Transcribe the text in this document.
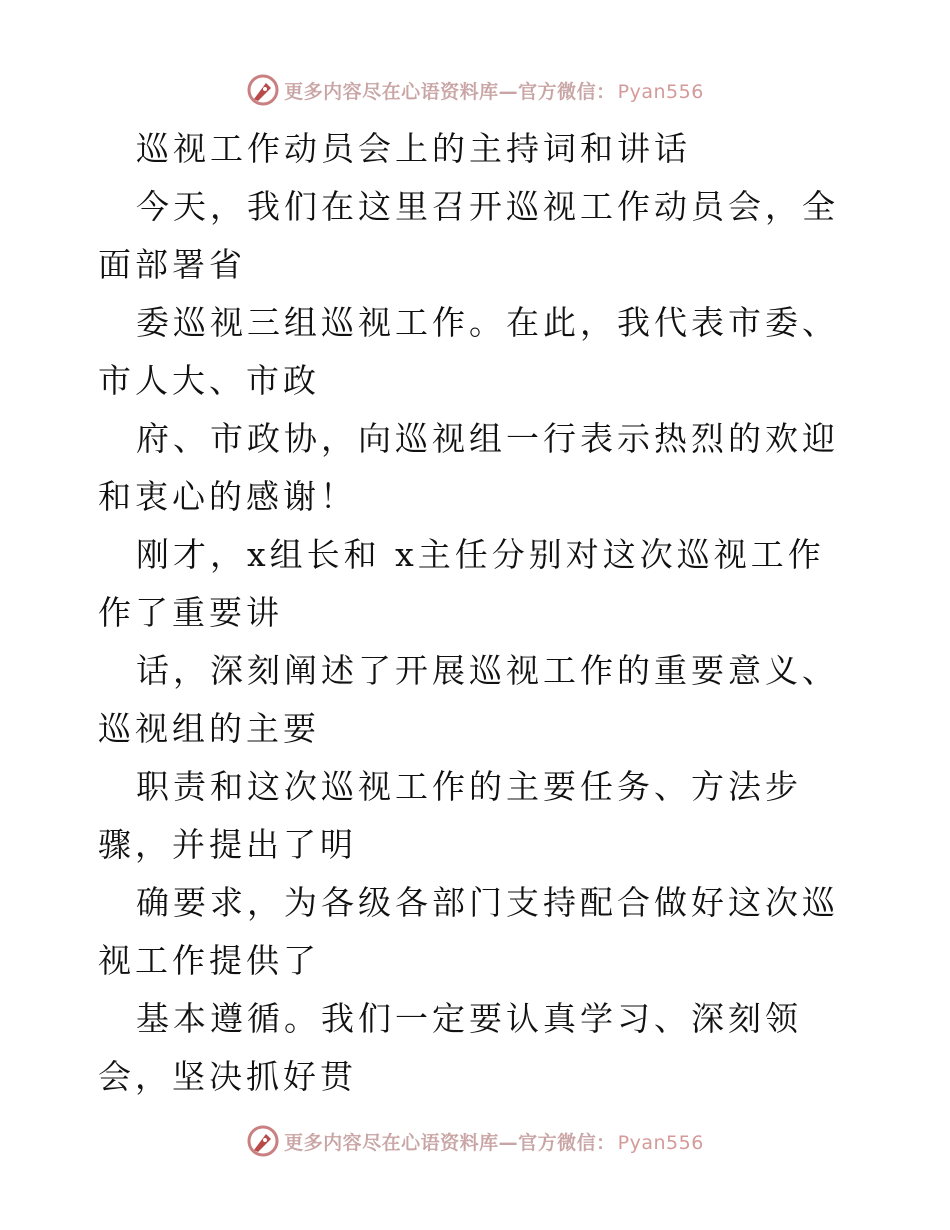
更多内容尽在心语资料库—官方微信： Pyan556

巡视工作动员会上的主持词和讲话

今天，我们在这里召开巡视工作动员会，全面部署省

委巡视三组巡视工作。在此，我代表市委、市人大、市政

府、市政协，向巡视组一行表示热烈的欢迎和衷心的感谢！

刚才，x组长和 x主任分别对这次巡视工作作了重要讲

话，深刻阐述了开展巡视工作的重要意义、巡视组的主要

职责和这次巡视工作的主要任务、方法步骤，并提出了明

确要求，为各级各部门支持配合做好这次巡视工作提供了

基本遵循。我们一定要认真学习、深刻领会，坚决抓好贯

更多内容尽在心语资料库—官方微信： Pyan556
